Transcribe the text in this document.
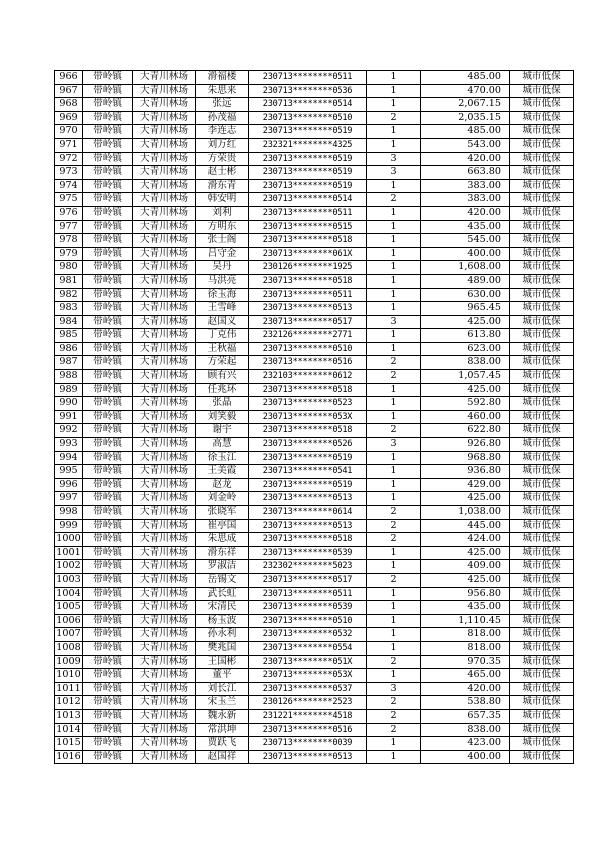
966	带岭镇	大青川林场	滑福楼	230713********0511	1	485.00	城市低保
967	带岭镇	大青川林场	朱思来	230713********0536	1	470.00	城市低保
968	带岭镇	大青川林场	张远	230713********0514	1	2,067.15	城市低保
969	带岭镇	大青川林场	孙茂福	230713********0510	2	2,035.15	城市低保
970	带岭镇	大青川林场	李连志	230713********0519	1	485.00	城市低保
971	带岭镇	大青川林场	刘万红	232321********4325	1	543.00	城市低保
972	带岭镇	大青川林场	方荣贵	230713********0519	3	420.00	城市低保
973	带岭镇	大青川林场	赵士彬	230713********0519	3	663.80	城市低保
974	带岭镇	大青川林场	滑东青	230713********0519	1	383.00	城市低保
975	带岭镇	大青川林场	韩安明	230713********0514	2	383.00	城市低保
976	带岭镇	大青川林场	刘利	230713********0511	1	420.00	城市低保
977	带岭镇	大青川林场	方明东	230713********0515	1	435.00	城市低保
978	带岭镇	大青川林场	张士阁	230713********0518	1	545.00	城市低保
979	带岭镇	大青川林场	吕守金	230713********061X	1	400.00	城市低保
980	带岭镇	大青川林场	吴丹	230126********1925	1	1,608.00	城市低保
981	带岭镇	大青川林场	马洪亮	230713********0518	1	489.00	城市低保
982	带岭镇	大青川林场	徐玉海	230713********0511	1	630.00	城市低保
983	带岭镇	大青川林场	王雪峰	230713********0513	1	965.45	城市低保
984	带岭镇	大青川林场	赵国义	230713********0517	3	425.00	城市低保
985	带岭镇	大青川林场	丁克伟	232126********2771	1	613.80	城市低保
986	带岭镇	大青川林场	王秋福	230713********0510	1	623.00	城市低保
987	带岭镇	大青川林场	方荣起	230713********0516	2	838.00	城市低保
988	带岭镇	大青川林场	顾有兴	232103********0612	2	1,057.45	城市低保
989	带岭镇	大青川林场	任兆环	230713********0518	1	425.00	城市低保
990	带岭镇	大青川林场	张晶	230713********0523	1	592.80	城市低保
991	带岭镇	大青川林场	刘笑毅	230713********053X	1	460.00	城市低保
992	带岭镇	大青川林场	谢宇	230713********0518	2	622.80	城市低保
993	带岭镇	大青川林场	高慧	230713********0526	3	926.80	城市低保
994	带岭镇	大青川林场	徐玉江	230713********0519	1	968.80	城市低保
995	带岭镇	大青川林场	王美霞	230713********0541	1	936.80	城市低保
996	带岭镇	大青川林场	赵龙	230713********0519	1	429.00	城市低保
997	带岭镇	大青川林场	刘金岭	230713********0513	1	425.00	城市低保
998	带岭镇	大青川林场	张晓军	230713********0614	2	1,038.00	城市低保
999	带岭镇	大青川林场	崔亭国	230713********0513	2	445.00	城市低保
1000	带岭镇	大青川林场	朱思成	230713********0518	2	424.00	城市低保
1001	带岭镇	大青川林场	滑东祥	230713********0539	1	425.00	城市低保
1002	带岭镇	大青川林场	罗淑洁	232302********5023	1	409.00	城市低保
1003	带岭镇	大青川林场	岳锡文	230713********0517	2	425.00	城市低保
1004	带岭镇	大青川林场	武长虹	230713********0511	1	956.80	城市低保
1005	带岭镇	大青川林场	宋清民	230713********0539	1	435.00	城市低保
1006	带岭镇	大青川林场	杨玉波	230713********0510	1	1,110.45	城市低保
1007	带岭镇	大青川林场	孙永利	230713********0532	1	818.00	城市低保
1008	带岭镇	大青川林场	樊兆国	230713********0554	1	818.00	城市低保
1009	带岭镇	大青川林场	王国彬	230713********051X	2	970.35	城市低保
1010	带岭镇	大青川林场	董平	230713********053X	1	465.00	城市低保
1011	带岭镇	大青川林场	刘长江	230713********0537	3	420.00	城市低保
1012	带岭镇	大青川林场	宋玉兰	230126********2523	2	538.80	城市低保
1013	带岭镇	大青川林场	魏永新	231221********4518	2	657.35	城市低保
1014	带岭镇	大青川林场	常洪坤	230713********0516	2	838.00	城市低保
1015	带岭镇	大青川林场	贾跃飞	230713********0039	1	423.00	城市低保
1016	带岭镇	大青川林场	赵国祥	230713********0513	1	400.00	城市低保
